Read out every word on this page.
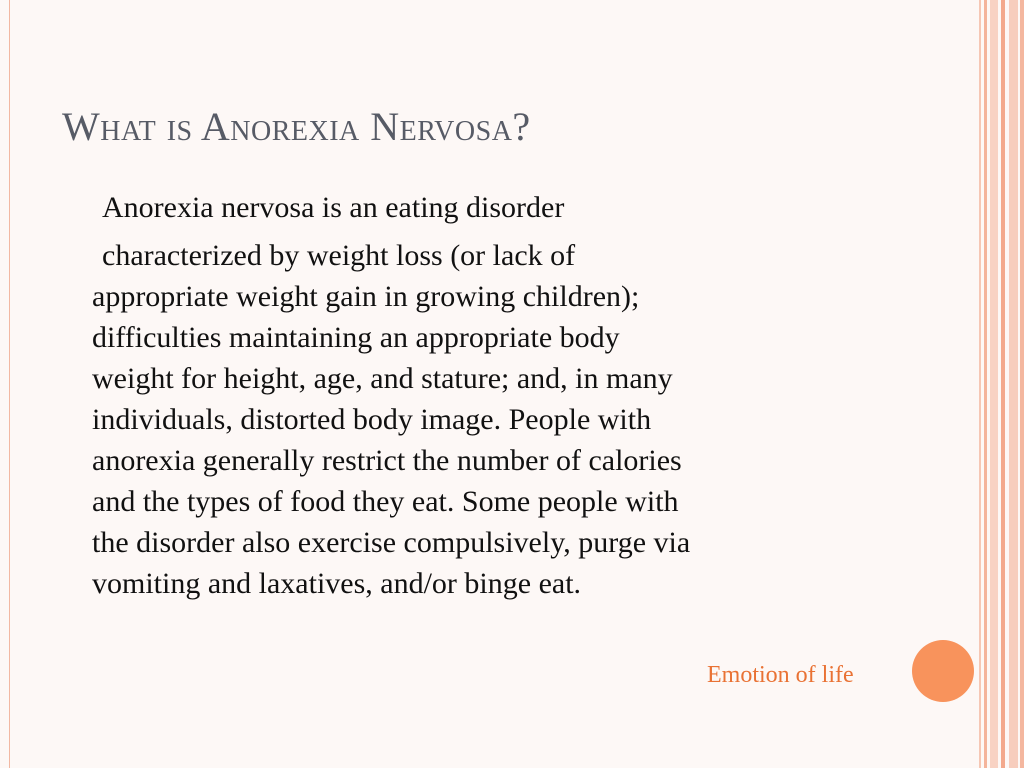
What is Anorexia Nervosa?

Anorexia nervosa is an eating disorder

characterized by weight loss (or lack of

appropriate weight gain in growing children);

difficulties maintaining an appropriate body

weight for height, age, and stature; and, in many

individuals, distorted body image. People with

anorexia generally restrict the number of calories

and the types of food they eat. Some people with

the disorder also exercise compulsively, purge via

vomiting and laxatives, and/or binge eat.

Emotion of life
